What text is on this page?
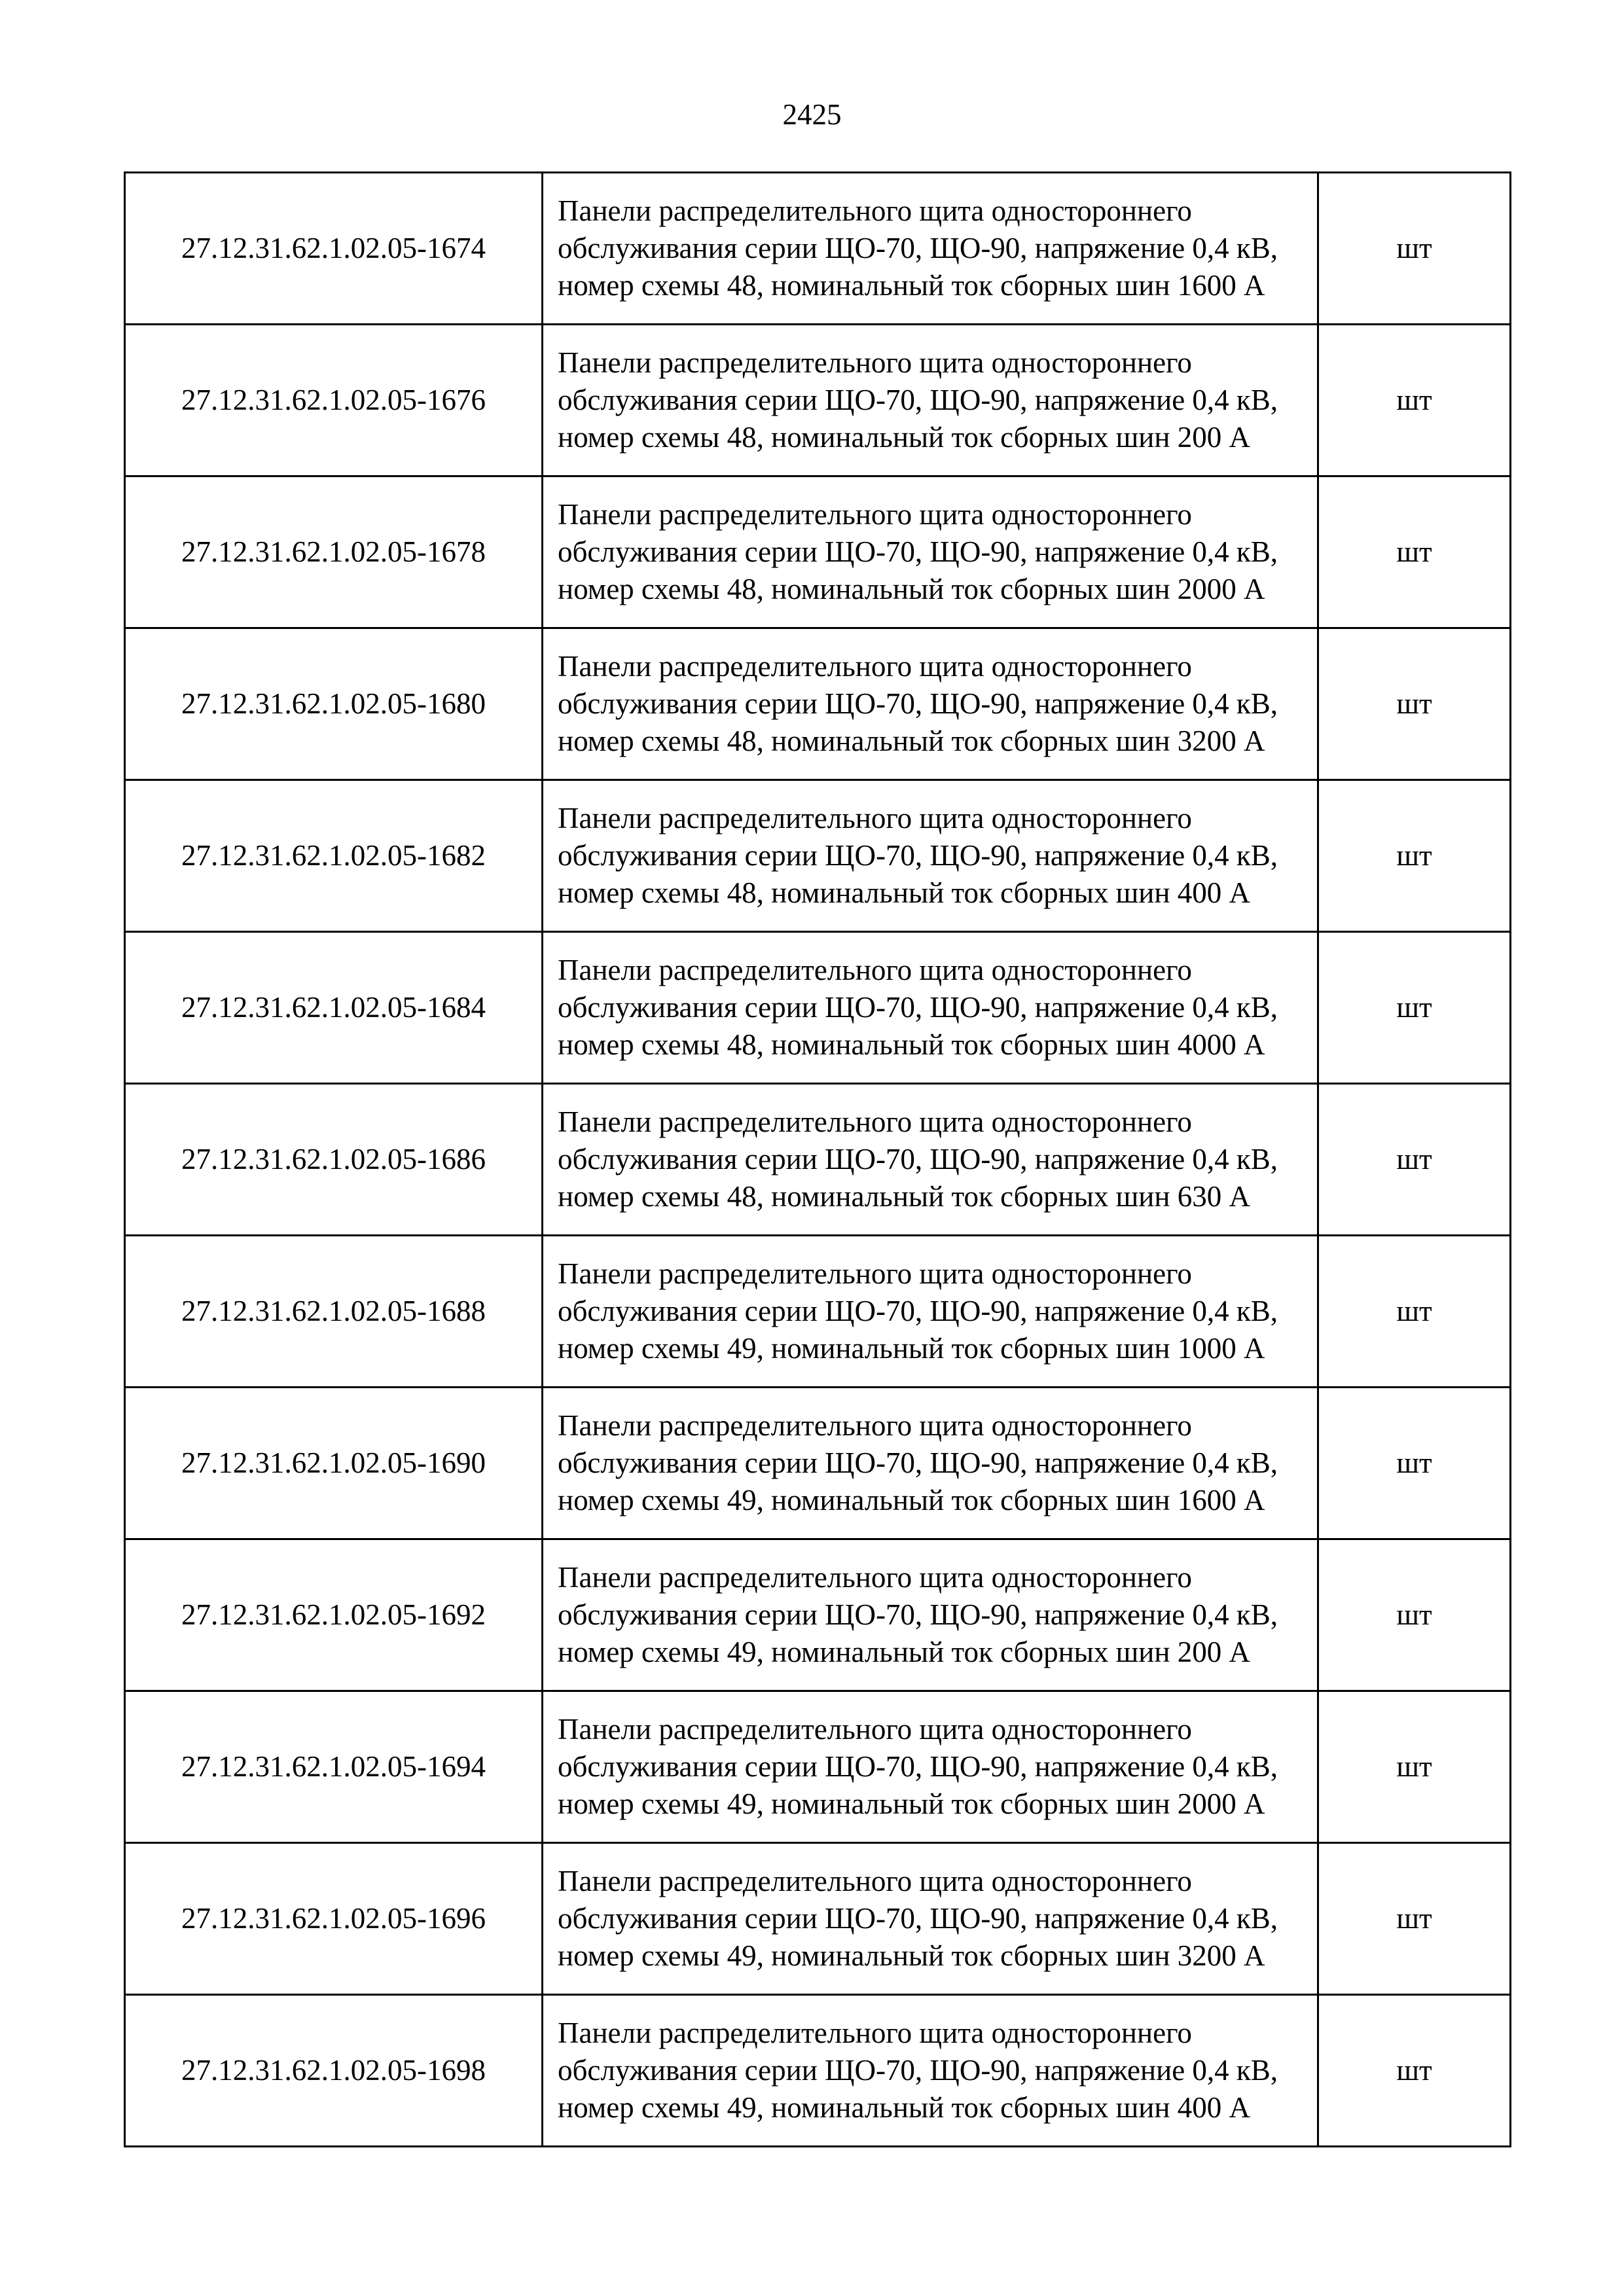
2425
27.12.31.62.1.02.05-1674	Панели распределительного щита одностороннего обслуживания серии ЩО-70, ЩО-90, напряжение 0,4 кВ, номер схемы 48, номинальный ток сборных шин 1600 А	шт
27.12.31.62.1.02.05-1676	Панели распределительного щита одностороннего обслуживания серии ЩО-70, ЩО-90, напряжение 0,4 кВ, номер схемы 48, номинальный ток сборных шин 200 А	шт
27.12.31.62.1.02.05-1678	Панели распределительного щита одностороннего обслуживания серии ЩО-70, ЩО-90, напряжение 0,4 кВ, номер схемы 48, номинальный ток сборных шин 2000 А	шт
27.12.31.62.1.02.05-1680	Панели распределительного щита одностороннего обслуживания серии ЩО-70, ЩО-90, напряжение 0,4 кВ, номер схемы 48, номинальный ток сборных шин 3200 А	шт
27.12.31.62.1.02.05-1682	Панели распределительного щита одностороннего обслуживания серии ЩО-70, ЩО-90, напряжение 0,4 кВ, номер схемы 48, номинальный ток сборных шин 400 А	шт
27.12.31.62.1.02.05-1684	Панели распределительного щита одностороннего обслуживания серии ЩО-70, ЩО-90, напряжение 0,4 кВ, номер схемы 48, номинальный ток сборных шин 4000 А	шт
27.12.31.62.1.02.05-1686	Панели распределительного щита одностороннего обслуживания серии ЩО-70, ЩО-90, напряжение 0,4 кВ, номер схемы 48, номинальный ток сборных шин 630 А	шт
27.12.31.62.1.02.05-1688	Панели распределительного щита одностороннего обслуживания серии ЩО-70, ЩО-90, напряжение 0,4 кВ, номер схемы 49, номинальный ток сборных шин 1000 А	шт
27.12.31.62.1.02.05-1690	Панели распределительного щита одностороннего обслуживания серии ЩО-70, ЩО-90, напряжение 0,4 кВ, номер схемы 49, номинальный ток сборных шин 1600 А	шт
27.12.31.62.1.02.05-1692	Панели распределительного щита одностороннего обслуживания серии ЩО-70, ЩО-90, напряжение 0,4 кВ, номер схемы 49, номинальный ток сборных шин 200 А	шт
27.12.31.62.1.02.05-1694	Панели распределительного щита одностороннего обслуживания серии ЩО-70, ЩО-90, напряжение 0,4 кВ, номер схемы 49, номинальный ток сборных шин 2000 А	шт
27.12.31.62.1.02.05-1696	Панели распределительного щита одностороннего обслуживания серии ЩО-70, ЩО-90, напряжение 0,4 кВ, номер схемы 49, номинальный ток сборных шин 3200 А	шт
27.12.31.62.1.02.05-1698	Панели распределительного щита одностороннего обслуживания серии ЩО-70, ЩО-90, напряжение 0,4 кВ, номер схемы 49, номинальный ток сборных шин 400 А	шт
